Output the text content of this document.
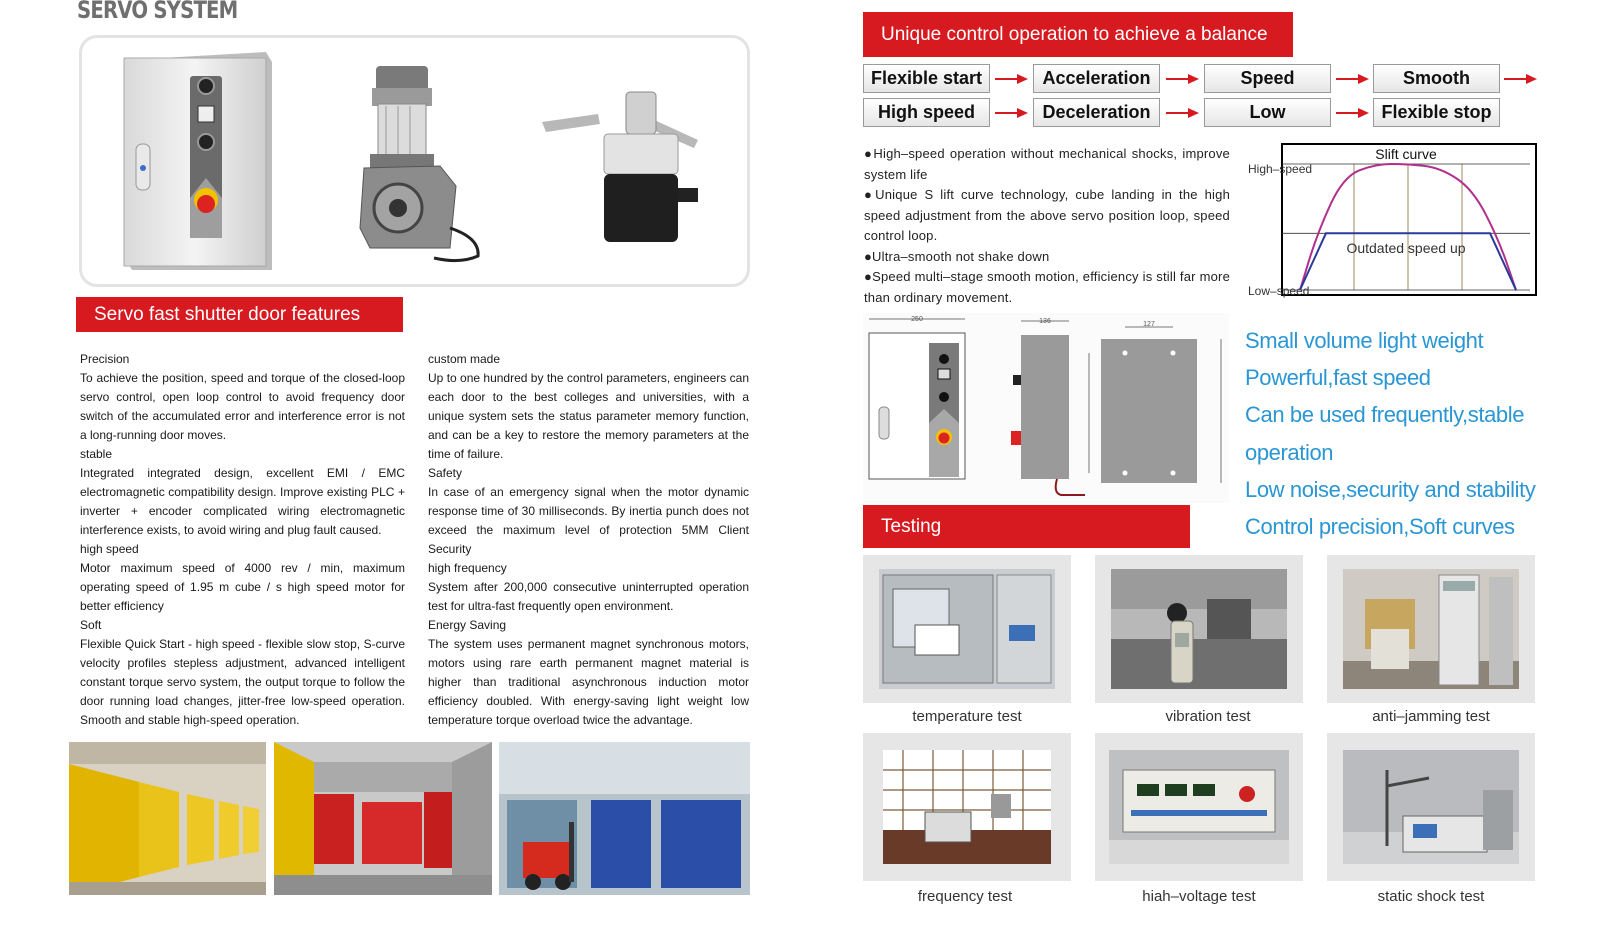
SERVO SYSTEM
Servo fast shutter door features

Precision

To achieve the position, speed and torque of the closed-loop servo control, open loop control to avoid frequency door switch of the accumulated error and interference error is not a long-running door moves.

stable

Integrated integrated design, excellent EMI / EMC electromagnetic compatibility design. Improve existing PLC + inverter + encoder complicated wiring electromagnetic interference exists, to avoid wiring and plug fault caused.

high speed

Motor maximum speed of 4000 rev / min, maximum operating speed of 1.95 m cube / s high speed motor for better efficiency

Soft

Flexible Quick Start - high speed - flexible slow stop, S-curve velocity profiles stepless adjustment, advanced intelligent constant torque servo system, the output torque to follow the door running load changes, jitter-free low-speed operation. Smooth and stable high-speed operation.

custom made

Up to one hundred by the control parameters, engineers can each door to the best colleges and universities, with a unique system sets the status parameter memory function, and can be a key to restore the memory parameters at the time of failure.

Safety

In case of an emergency signal when the motor dynamic response time of 30 milliseconds. By inertia punch does not exceed the maximum level of protection 5MM Client Security

high frequency

System after 200,000 consecutive uninterrupted operation test for ultra-fast frequently open environment.

Energy Saving

The system uses permanent magnet synchronous motors, motors using rare earth permanent magnet material is higher than traditional asynchronous induction motor efficiency doubled. With energy-saving light weight low temperature torque overload twice the advantage.

Unique control operation to achieve a balance
Flexible start	Acceleration	Speed	Smooth
High speed	Deceleration	Low	Flexible stop
●High–speed operation without mechanical shocks, improve system life
●Unique S lift curve technology, cube landing in the high speed adjustment from the above servo position loop, speed control loop.
●Ultra–smooth not shake down
●Speed multi–stage smooth motion, efficiency is still far more than ordinary movement.
Slift curve
High–speed
Low–speed
Outdated speed up
250	136	127
Small volume light weight
Powerful,fast speed
Can be used frequently,stable
operation
Low noise,security and stability
Control precision,Soft curves
Testing
temperature test	vibration test	anti–jamming test
frequency test	hiah–voltage test	static shock test
